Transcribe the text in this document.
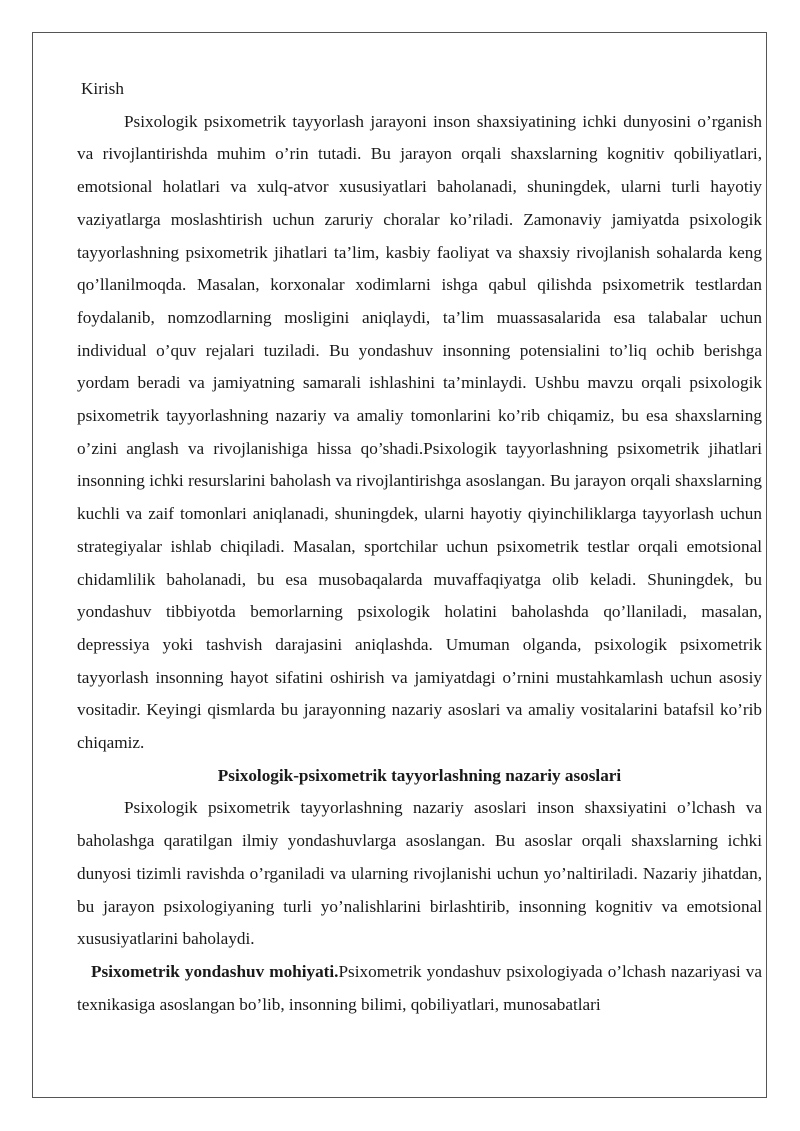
Kirish

Psixologik psixometrik tayyorlash jarayoni inson shaxsiyatining ichki dunyosini o’rganish va rivojlantirishda muhim o’rin tutadi. Bu jarayon orqali shaxslarning kognitiv qobiliyatlari, emotsional holatlari va xulq-atvor xususiyatlari baholanadi, shuningdek, ularni turli hayotiy vaziyatlarga moslashtirish uchun zaruriy choralar ko’riladi. Zamonaviy jamiyatda psixologik tayyorlashning psixometrik jihatlari ta’lim, kasbiy faoliyat va shaxsiy rivojlanish sohalarda keng qo’llanilmoqda. Masalan, korxonalar xodimlarni ishga qabul qilishda psixometrik testlardan foydalanib, nomzodlarning mosligini aniqlaydi, ta’lim muassasalarida esa talabalar uchun individual o’quv rejalari tuziladi. Bu yondashuv insonning potensialini to’liq ochib berishga yordam beradi va jamiyatning samarali ishlashini ta’minlaydi. Ushbu mavzu orqali psixologik psixometrik tayyorlashning nazariy va amaliy tomonlarini ko’rib chiqamiz, bu esa shaxslarning o’zini anglash va rivojlanishiga hissa qo’shadi.Psixologik tayyorlashning psixometrik jihatlari insonning ichki resurslarini baholash va rivojlantirishga asoslangan. Bu jarayon orqali shaxslarning kuchli va zaif tomonlari aniqlanadi, shuningdek, ularni hayotiy qiyinchiliklarga tayyorlash uchun strategiyalar ishlab chiqiladi. Masalan, sportchilar uchun psixometrik testlar orqali emotsional chidamlilik baholanadi, bu esa musobaqalarda muvaffaqiyatga olib keladi. Shuningdek, bu yondashuv tibbiyotda bemorlarning psixologik holatini baholashda qo’llaniladi, masalan, depressiya yoki tashvish darajasini aniqlashda. Umuman olganda, psixologik psixometrik tayyorlash insonning hayot sifatini oshirish va jamiyatdagi o’rnini mustahkamlash uchun asosiy vositadir. Keyingi qismlarda bu jarayonning nazariy asoslari va amaliy vositalarini batafsil ko’rib chiqamiz.

Psixologik-psixometrik tayyorlashning nazariy asoslari

Psixologik psixometrik tayyorlashning nazariy asoslari inson shaxsiyatini o’lchash va baholashga qaratilgan ilmiy yondashuvlarga asoslangan. Bu asoslar orqali shaxslarning ichki dunyosi tizimli ravishda o’rganiladi va ularning rivojlanishi uchun yo’naltiriladi. Nazariy jihatdan, bu jarayon psixologiyaning turli yo’nalishlarini birlashtirib, insonning kognitiv va emotsional xususiyatlarini baholaydi.

Psixometrik yondashuv mohiyati.Psixometrik yondashuv psixologiyada o’lchash nazariyasi va texnikasiga asoslangan bo’lib, insonning bilimi, qobiliyatlari, munosabatlari
